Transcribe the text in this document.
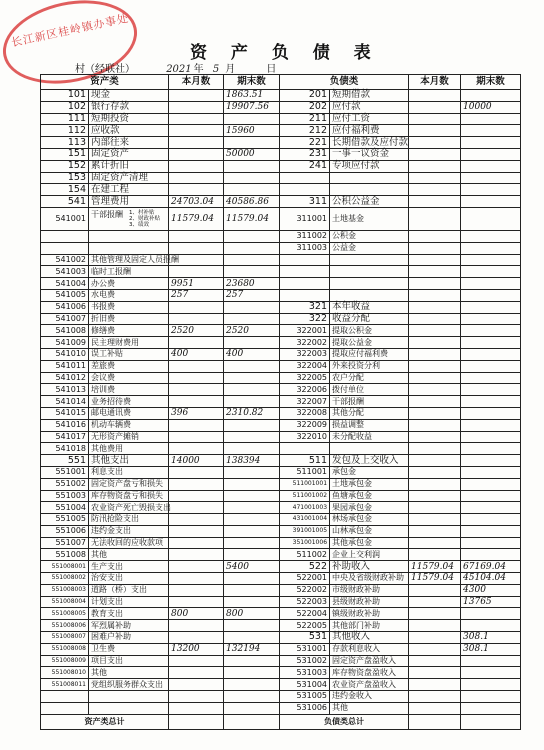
长江新区桂岭镇办事处
资 产 负 债 表
村（经联社）	2021 年 5 月	日
资产类		本月数	期末数	负债类		本月数	期末数
101	现金		1863.51	201	短期借款		
102	银行存款		19907.56	202	应付款		10000
111	短期投资			211	应付工资		
112	应收款		15960	212	应付福利费		
113	内部往来			221	长期借款及应付款		
151	固定资产		50000	231	一事一议资金		
152	累计折旧			241	专项应付款		
153	固定资产清理						
154	在建工程						
541	管理费用	24703.04	40586.86	311	公积公益金		
541001	干部报酬 1、村补贴
2、财政补贴
3、绩效	11579.04	11579.04	311001	土地基金		
				311002	公积金		
				311003	公益金		
541002	其他管理及固定人员报酬						
541003	临时工报酬						
541004	办公费	9951	23680				
541005	水电费	257	257				
541006	书报费			321	本年收益		
541007	折旧费			322	收益分配		
541008	修缮费	2520	2520	322001	提取公积金		
541009	民主理财费用			322002	提取公益金		
541010	误工补贴	400	400	322003	提取应付福利费		
541011	差旅费			322004	外来投资分利		
541012	会议费			322005	农户分配		
541013	培训费			322006	拨付单位		
541014	业务招待费			322007	干部报酬		
541015	邮电通讯费	396	2310.82	322008	其他分配		
541016	机动车辆费			322009	损益调整		
541017	无形资产摊销			322010	未分配收益		
541018	其他费用						
551	其他支出	14000	138394	511	发包及上交收入		
551001	利息支出			511001	承包金		
551002	固定资产盘亏和损失			511001001	土地承包金		
551003	库存物资盘亏和损失			511001002	鱼塘承包金		
551004	农业资产死亡毁损支出			471001003	果园承包金		
551005	防汛抢险支出			431001004	林场承包金		
551006	违约金支出			391001005	山林承包金		
551007	无法收回的应收款项			351001006	其他承包金		
551008	其他			511002	企业上交利润		
551008001	生产支出		5400	522	补助收入	11579.04	67169.04
551008002	治安支出			522001	中央及省级财政补助	11579.04	45104.04
551008003	道路（桥）支出			522002	市级财政补助		4300
551008004	计划支出			522003	县级财政补助		13765
551008005	教育支出	800	800	522004	镇级财政补助		
551008006	军烈属补助			522005	其他部门补助		
551008007	困难户补助			531	其他收入		308.1
551008008	卫生费	13200	132194	531001	存款利息收入		308.1
551008009	项目支出			531002	固定资产盘盈收入		
551008010	其他			531003	库存物资盘盈收入		
551008011	党组织服务群众支出			531004	农业资产盘盈收入		
				531005	违约金收入		
				531006	其他		
资产类总计				负债类总计			
